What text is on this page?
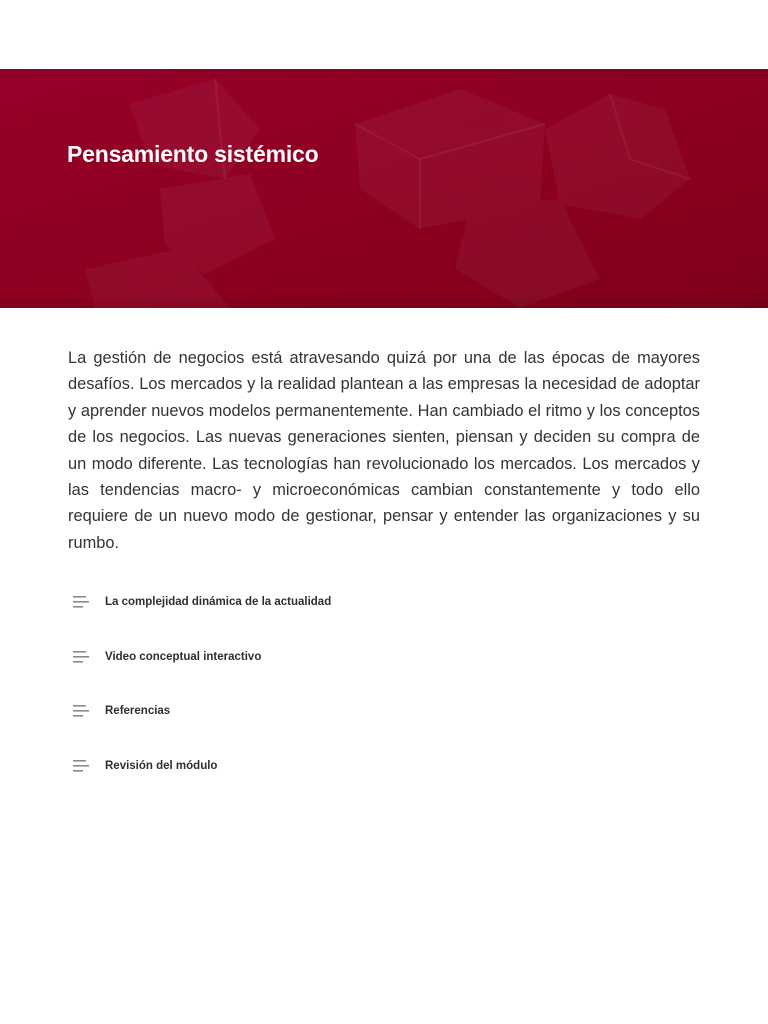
Pensamiento sistémico

La gestión de negocios está atravesando quizá por una de las épocas de mayores desafíos. Los mercados y la realidad plantean a las empresas la necesidad de adoptar y aprender nuevos modelos permanentemente. Han cambiado el ritmo y los conceptos de los negocios. Las nuevas generaciones sienten, piensan y deciden su compra de un modo diferente. Las tecnologías han revolucionado los mercados. Los mercados y las tendencias macro- y microeconómicas cambian constantemente y todo ello requiere de un nuevo modo de gestionar, pensar y entender las organizaciones y su rumbo.

La complejidad dinámica de la actualidad
Video conceptual interactivo
Referencias
Revisión del módulo
